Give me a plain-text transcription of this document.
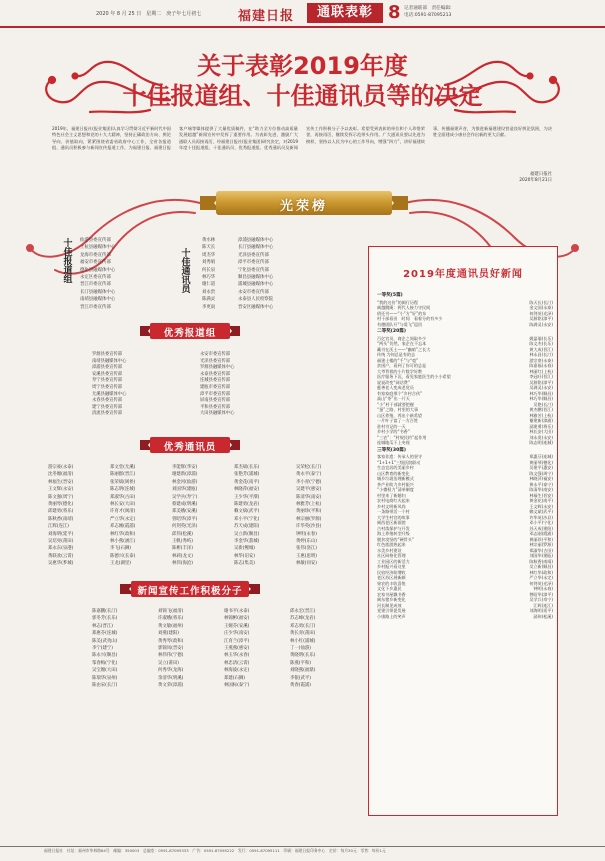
2020 年 8 月 25 日　星期二　庚子年七月初七	福建日报	通联表彰 8 记者通联部　责任编辑:
电话:0591-87095213
关于表彰2019年度
十佳报道组、十佳通讯员等的决定
2019年，福建日报社(报业集团)认真学习贯彻习近平新时代中国特色社会主义思想和党的十九大精神，坚持正确政治方向、舆论导向、价值取向，紧紧围绕省委省政府中心工作，全省各报道组、通讯员积极参与新闻宣传报道工作，为福建日报、福建日报客户端等媒体提供了大量优质稿件，在“助力全方位推动高质量发展超越”新闻宣传中发挥了重要作用。为表彰先进、激励广大通联人员再接再厉，经福建日报社(报业集团)研究决定，对2019年度十佳报道组、十佳通讯员、优秀报道组、优秀通讯员及新闻宣传工作积极分子予以表彰。希望受到表彰的单位和个人珍惜荣誉，再接再厉，继续发挥示范带头作用。广大通讯员要以先进为榜样，坚持以人民为中心的工作导向，增强“四力”，讲好福建故事，传播福建声音，为推进新福建建设营造良好舆论氛围，为决胜全面建成小康社会作出新的更大贡献。
福建日报社
2020年8月21日
光荣榜
十佳报道组 仙游县委宣传部
上杭县融媒体中心
龙海市委宣传部
福安市委宣传部
德化县融媒体中心
永定区委宣传部
晋江市委宣传部
长汀县融媒体中心
南靖县融媒体中心
晋江市委宣传部
十佳通讯员
黄水林
陈天长
周杰华
刘秀娟
何长泉
林巧华
谢仁道
刘永贵
陈满灵
李更雨
漳浦县融媒体中心
长汀县融媒体中心
光泽县委宣传部
漳平市委宣传部
宁化县委宣传部
顺昌县融媒体中心
浦城县融媒体中心
永安市委宣传部
永泰县人民检察院
晋安区融媒体中心
优秀报道组
罗源县委宣传部
南靖县融媒体中心
漳浦县委宣传部
安溪县委宣传部
寿宁县委宣传部
周宁县委宣传部
尤溪县融媒体中心
永春县委宣传部
建宁县委宣传部
清流县委宣传部
永安市委宣传部
光泽县委宣传部
罗源县融媒体中心
永泰县委宣传部
连城县委宣传部
建瓯市委宣传部
漳平市委宣传部
屏南县委宣传部
平和县委宣传部
大田县融媒体中心
优秀通讯员
游宗豪(永泰)	郑文堂(尤溪)	李能辉(华安)	郑杰斌(长乐)	吴荣松(长汀)
沈冬媚(福清)	陈丽群(晋江)	谢建新(漳浦)	张艳芳(浦城)	黄永平(泰宁)
林福生(晋安)	张荣斌(闽侯)	林金河(仙游)	黄金花(南平)	李小青(宁德)
王文辉(永安)	陈志明(连城)	刘国华(建瓯)	林晓萍(福安)	吴建平(惠安)
陈文强(周宁)	郑淑华(古田)	吴学兵(寿宁)	王少华(平潭)	陈清华(南安)
黄丽琴(德化)	林长安(大田)	蔡建成(明溪)	陈建勇(龙岩)	林雅芳(上杭)
邱建勇(将乐)	许育才(闽清)	郑美娥(安溪)	赖文斌(武平)	黄丽珍(平和)
陈秋香(南靖)	严立华(永定)	曾昭华(漳平)	邓小平(宁化)	林宗丽(罗源)
江辉(连江)	邓志刚(霞浦)	何剑英(光泽)	苏天成(建阳)	许华英(沙县)
刘海明(延平)	林红华(政和)	邱伟(松溪)	吴立新(顺昌)	钟明(永春)
吴培亮(莆田)	林小燕(涵江)	王帆(秀屿)	李金华(荔城)	黄婷(东山)
郑永东(泉港)	李飞(石狮)	陈彬(丰泽)	吴新(鲤城)	张伟(洛江)
黄联欢(云霄)	陈德兴(长泰)	林莉(龙文)	林华(诏安)	王惠(思明)
吴惠华(芗城)	王龙(湖里)	林伟(海沧)	陈志(集美)	林敏(同安)
新闻宣传工作积极分子
陈嘉鹏(长汀)	刘锦飞(福清)	谢书平(永泰)	邱永宏(晋江)
郭冬芳(长乐)	许淑娥(将乐)	林锦彬(福安)	苏志峰(龙岩)
林志(晋江)	黄文敏(福州)	王婉芬(安溪)	邓志勇(长汀)
郑惠芬(连城)	刘燕(建阳)	庄少华(南安)	黄长青(莆田)
陈美(武夷山)	黄秀琴(政和)	江育兰(漳平)	林小红(浦城)
李宁(建宁)	郭锦凤(晋安)	王燕燕(惠安)	丁一(仙游)
陈永兴(顺昌)	林伟伟(宁德)	林玉华(永春)	黄晓明(长乐)
邹春梅(宁化)	吴立(莆田)	林忠清(云霄)	陈燕(平和)
吴宝媚(大田)	何秀华(龙海)	林海波(永定)	刘晓燕(福鼎)
陈瑞华(泉州)	余清华(明溪)	郑建(石狮)	李银(武平)
陈由宋(长汀)	黄文荣(漳浦)	林国标(泰宁)	黄春(霞浦)
2019年度通讯员好新闻
一等奖(5篇)
“我的这份”的闽行历程	陈天长(长汀)
闽越跳绳：两代人接力守民间	金文国(永泰)
借还书——“小”方“好”的东	何剑英(光泽)
村干部看田　时间　看着分的有多少	吴源铭(漳平)
有德团队开“与爱飞”巡回	陈满灵(永安)
二等奖(20篇)
百亿官员，商企之间取多少	姚盈瑜(长乐)
“两头”仍然，家企在不忘本	陈文杰(长乐)
藏书在沃土——“幽暗”之长大	黄大成(晋江)
传统 为何总是有的去	林永昌(长汀)
福建土楼的“千”与“毫”	游宗豪(永泰)
贫困户，看到了你可的总是	陈嘉福(永春)
大爷背着的小片数学好教	林丽红(上杭)
医疗服务下沉，看见家庭医生的小小希望	李冠旺(晋江)
说说改变“网话费”	吴源铭(漳平)
慈善老人变成老党员	吴满灵(永安)
有家家庭那个“乡村合伙”	林巧华(顺昌)
高山“茶”出一片天	林巧华(顺昌)
“小”村干部就要把握	吴艳(长汀)
“蚕”之路，村里的大事	黄杰鹏(晋江)
山区养殖，养出个新希望	林雅芳(上杭)
一片叶子富了一方百姓	谢建新(漳浦)
驻村书记的一天	邱建勇(将乐)
乡村小学的“书香”	林长安(大田)
“三农”：“村规民约”起作用	刘永贵(永安)
连城地瓜干上央视	陈志明(连城)
三等奖(30篇)
客家非遗：传承人的坚守	郑惠芬(连城)
“1+1+1”三级医院联动	黄丽琴(德化)
生态宜居的美丽乡村	吴建平(惠安)
山区教育的新变化	陈文强(周宁)
城乡垃圾治理新模式	林晓萍(福安)
茶产业助力乡村振兴	黄永平(泰宁)
“小微权力”清单制度	陈清华(南安)
村里来了新媳妇	林福生(晋安)
农村电商红火起来	黄金花(南平)
乡村文明新风尚	王文辉(永安)
一条路带活一个村	赖文斌(武平)
大学生村官的故事	许华英(沙县)
闽西老区新面貌	邓小平(宁化)
古村落保护与开发	苏天成(建阳)
海上养殖转型升级	邓志刚(霞浦)
脱贫攻坚的“硬骨头”	黄丽珍(平和)
红色旅游热起来	林宗丽(罗源)
水美乡村建设	郑淑华(古田)
社区网格化管理	刘国华(建瓯)
工业园区的新活力	陈秋香(南靖)
乡村振兴看这里	吴立新(顺昌)
民宿经济助增收	林红华(政和)
老区苏区展新颜	严立华(永定)
果农的丰收喜悦	何剑英(光泽)
文化下乡惠民	钟明(永春)
农家书屋飘书香	曾昭华(漳平)
闽东畲乡新变化	吴学兵(寿宁)
河长制见成效	江辉(连江)
党建引领促发展	刘海明(延平)
小康路上的笑声	邱伟(松溪)
福建日报社　社址：福州市华林路84号　邮编：350003　总编室：0591-87095333　广告：0591-87095222　发行：0591-87095111　印刷：福建日报印务中心　定价：每月30元　零售：每份1元
